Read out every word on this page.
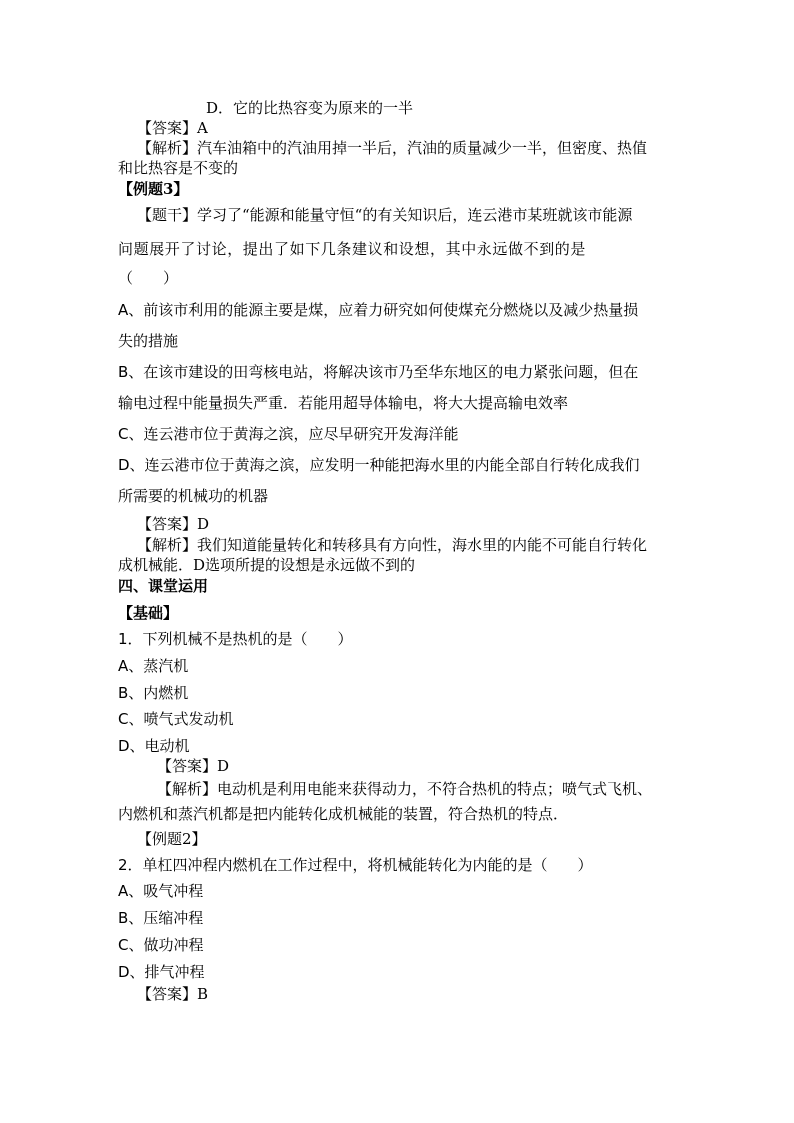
D．它的比热容变为原来的一半
【答案】A
【解析】汽车油箱中的汽油用掉一半后，汽油的质量减少一半，但密度、热值
和比热容是不变的
【例题3】
【题干】学习了“能源和能量守恒“的有关知识后，连云港市某班就该市能源
问题展开了讨论，提出了如下几条建议和设想，其中永远做不到的是
（　　）
A、前该市利用的能源主要是煤，应着力研究如何使煤充分燃烧以及减少热量损
失的措施
B、在该市建设的田弯核电站，将解决该市乃至华东地区的电力紧张问题，但在
输电过程中能量损失严重．若能用超导体输电，将大大提高输电效率
C、连云港市位于黄海之滨，应尽早研究开发海洋能
D、连云港市位于黄海之滨，应发明一种能把海水里的内能全部自行转化成我们
所需要的机械功的机器
【答案】D
【解析】我们知道能量转化和转移具有方向性，海水里的内能不可能自行转化
成机械能．D选项所提的设想是永远做不到的
四、课堂运用
【基础】
1．下列机械不是热机的是（　　）
A、蒸汽机
B、内燃机
C、喷气式发动机
D、电动机
【答案】D
【解析】电动机是利用电能来获得动力，不符合热机的特点；喷气式飞机、
内燃机和蒸汽机都是把内能转化成机械能的装置，符合热机的特点．
【例题2】
2．单杠四冲程内燃机在工作过程中，将机械能转化为内能的是（　　）
A、吸气冲程
B、压缩冲程
C、做功冲程
D、排气冲程
【答案】B
